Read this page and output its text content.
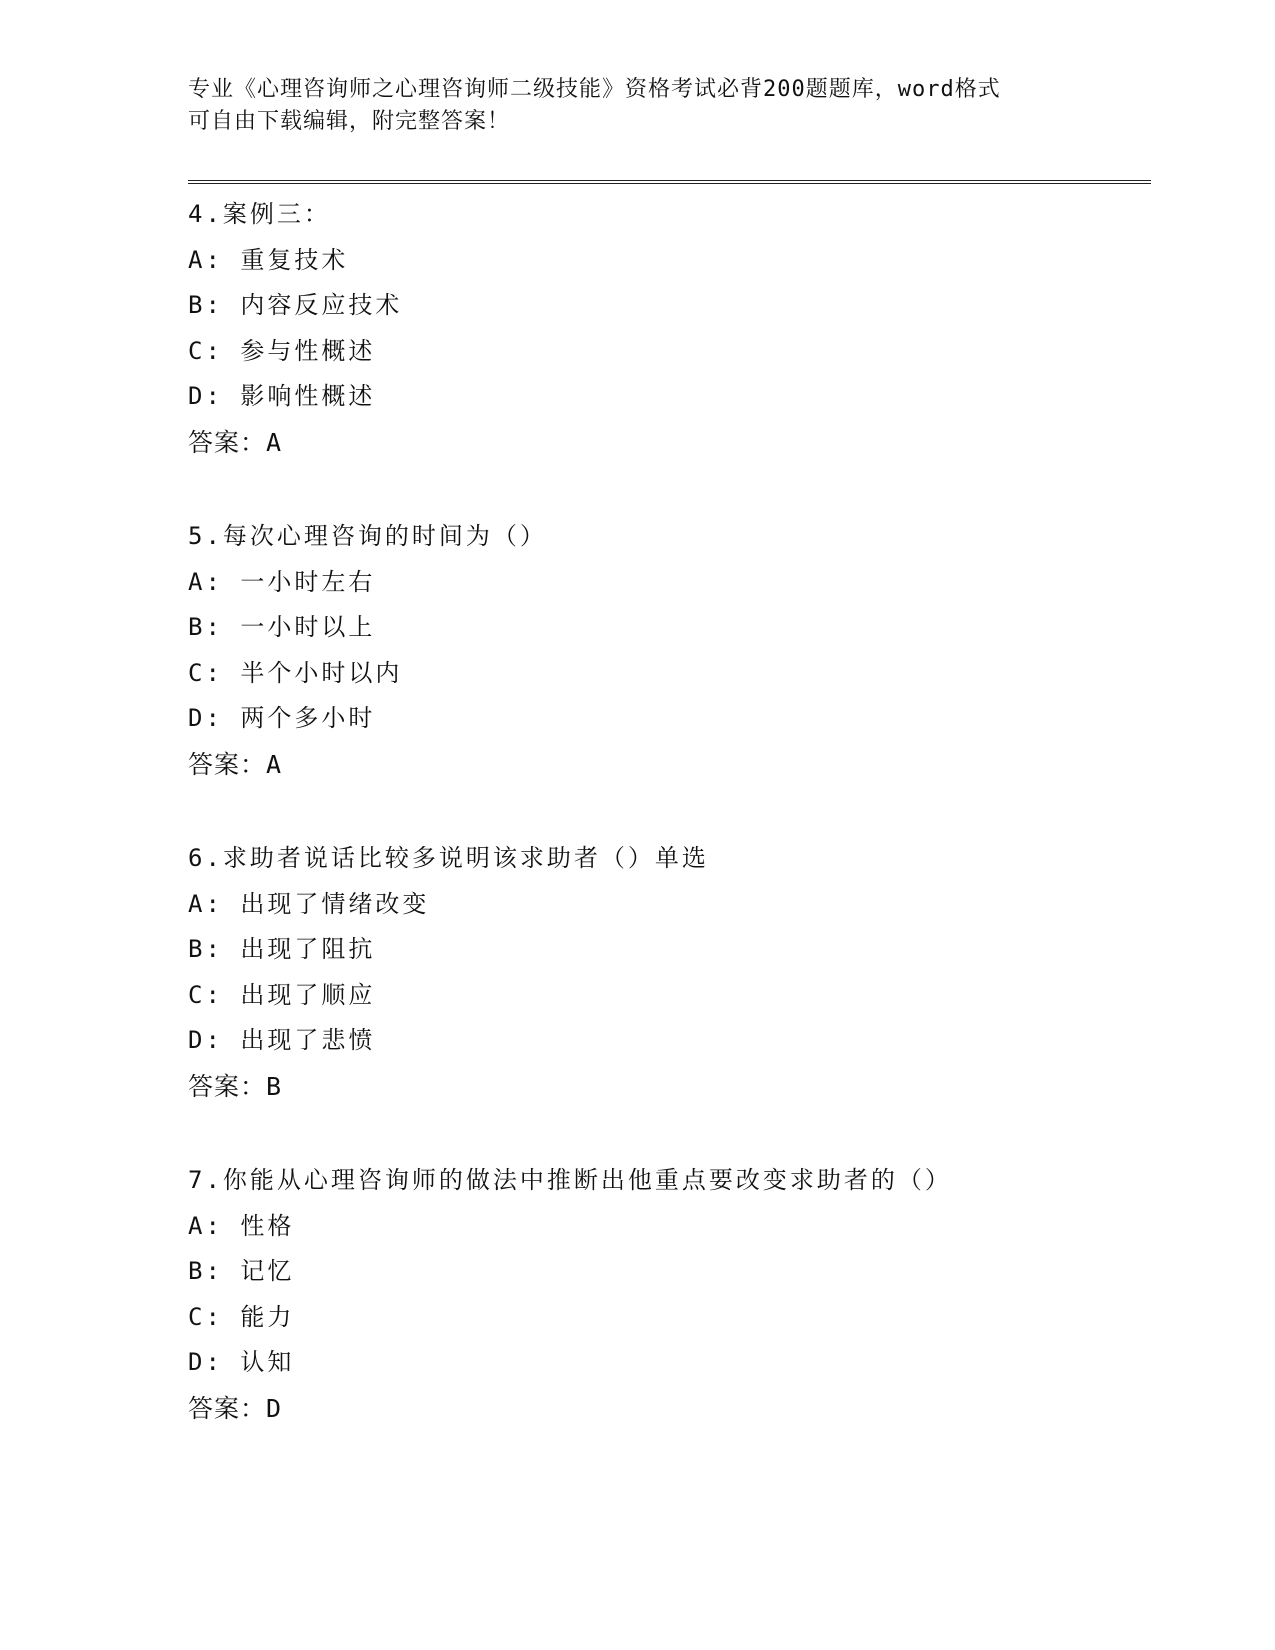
专业《心理咨询师之心理咨询师二级技能》资格考试必背200题题库，word格式
可自由下载编辑，附完整答案！
4.案例三：
A: 重复技术
B: 内容反应技术
C: 参与性概述
D: 影响性概述
答案：A
5.每次心理咨询的时间为（）
A: 一小时左右
B: 一小时以上
C: 半个小时以内
D: 两个多小时
答案：A
6.求助者说话比较多说明该求助者（）单选
A: 出现了情绪改变
B: 出现了阻抗
C: 出现了顺应
D: 出现了悲愤
答案：B
7.你能从心理咨询师的做法中推断出他重点要改变求助者的（）
A: 性格
B: 记忆
C: 能力
D: 认知
答案：D
